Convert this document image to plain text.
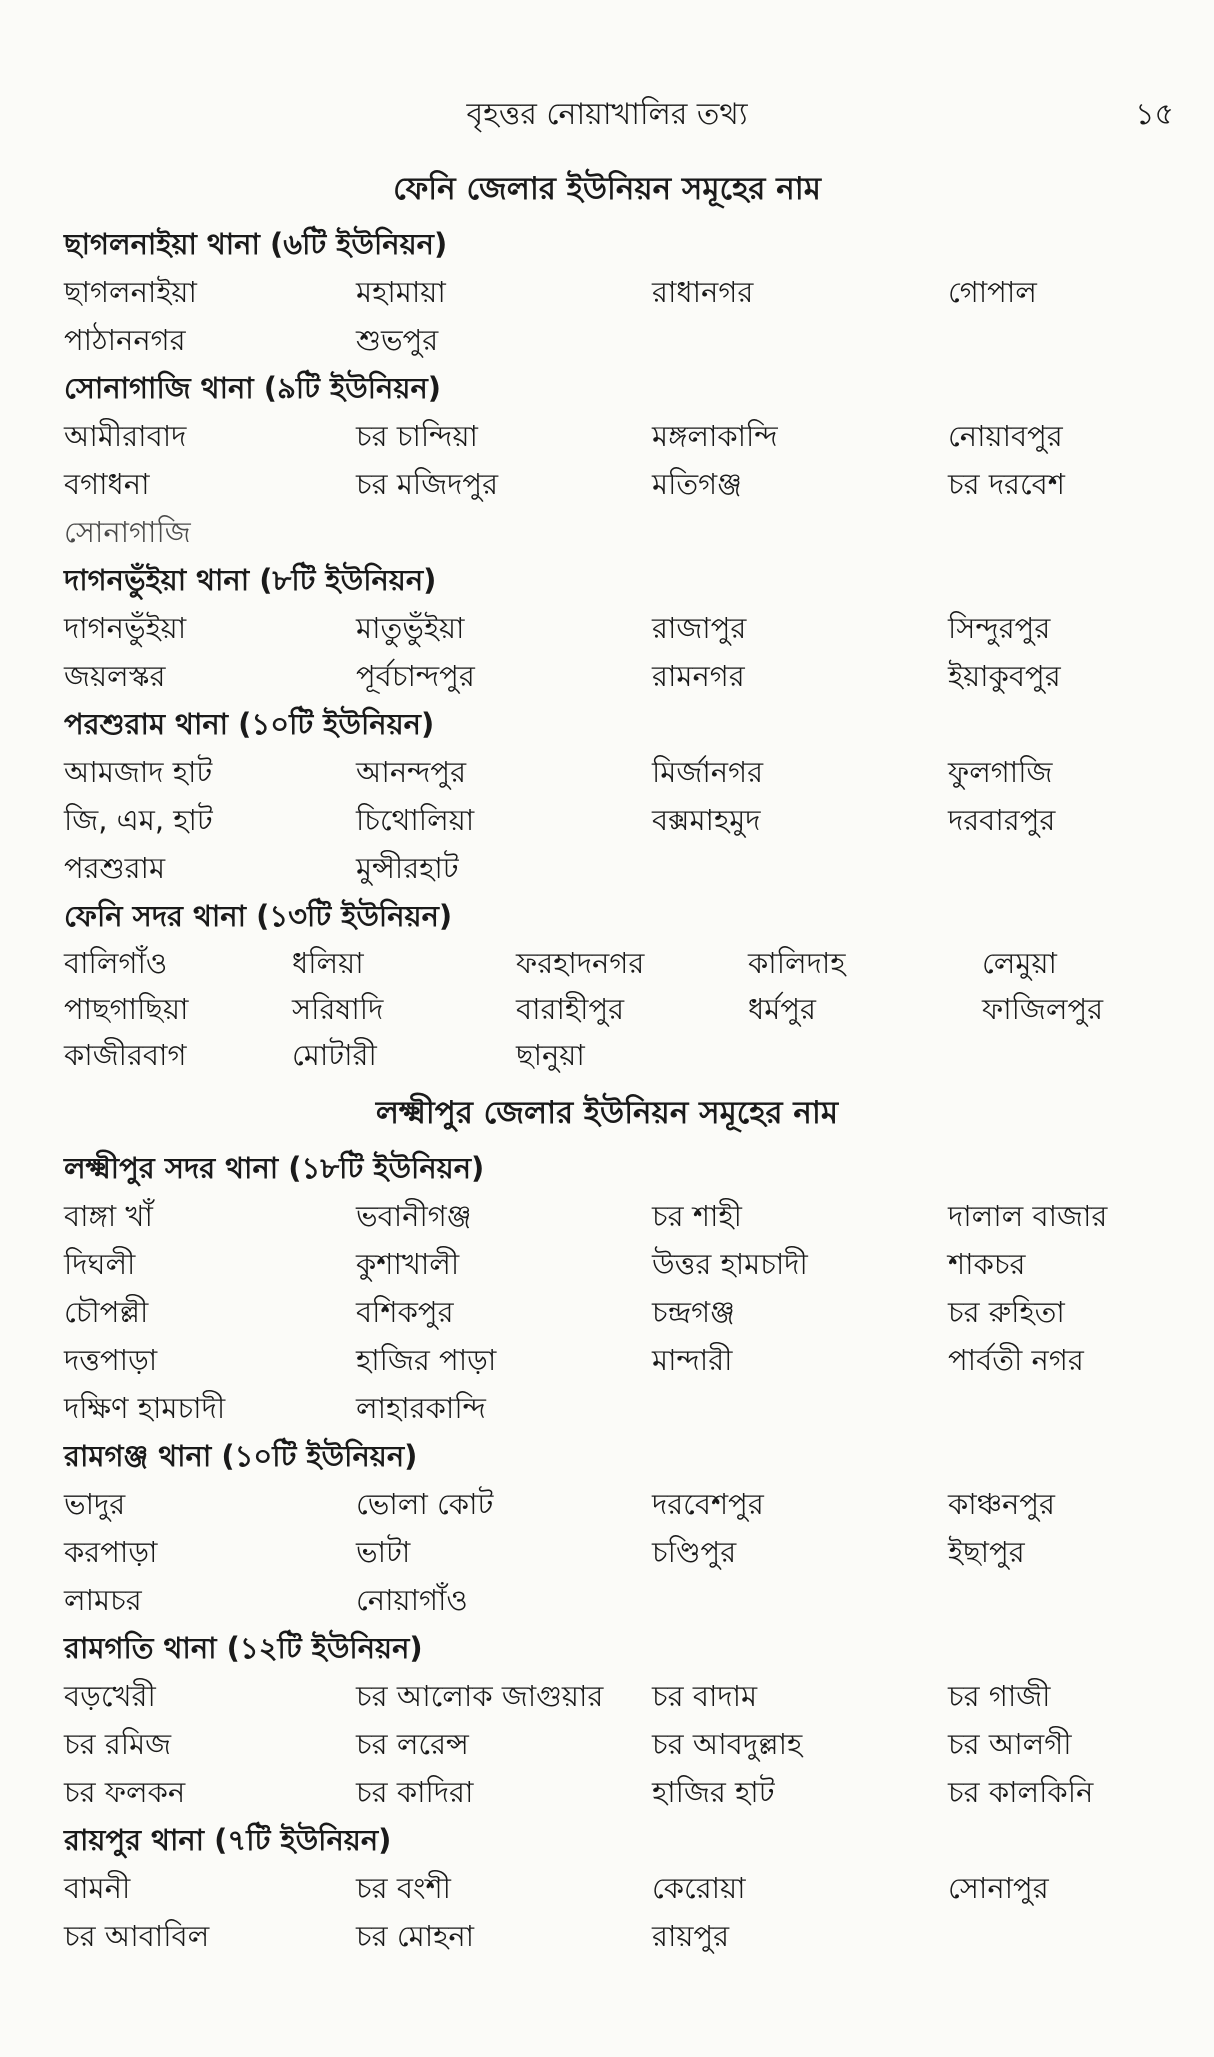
বৃহত্তর নোয়াখালির তথ্য	১৫
ফেনি জেলার ইউনিয়ন সমূহের নাম
ছাগলনাইয়া থানা (৬টি ইউনিয়ন)
ছাগলনাইয়া	মহামায়া	রাধানগর	গোপাল
পাঠাননগর	শুভপুর
সোনাগাজি থানা (৯টি ইউনিয়ন)
আমীরাবাদ	চর চান্দিয়া	মঙ্গলাকান্দি	নোয়াবপুর
বগাধনা	চর মজিদপুর	মতিগঞ্জ	চর দরবেশ
সোনাগাজি
দাগনভুঁইয়া থানা (৮টি ইউনিয়ন)
দাগনভুঁইয়া	মাতুভুঁইয়া	রাজাপুর	সিন্দুরপুর
জয়লস্কর	পূর্বচান্দপুর	রামনগর	ইয়াকুবপুর
পরশুরাম থানা (১০টি ইউনিয়ন)
আমজাদ হাট	আনন্দপুর	মির্জানগর	ফুলগাজি
জি, এম, হাট	চিথোলিয়া	বক্সমাহমুদ	দরবারপুর
পরশুরাম	মুন্সীরহাট
ফেনি সদর থানা (১৩টি ইউনিয়ন)
বালিগাঁও	ধলিয়া	ফরহাদনগর	কালিদাহ	লেমুয়া
পাছগাছিয়া	সরিষাদি	বারাহীপুর	ধর্মপুর	ফাজিলপুর
কাজীরবাগ	মোটারী	ছানুয়া
লক্ষ্মীপুর জেলার ইউনিয়ন সমূহের নাম
লক্ষ্মীপুর সদর থানা (১৮টি ইউনিয়ন)
বাঙ্গা খাঁ	ভবানীগঞ্জ	চর শাহী	দালাল বাজার
দিঘলী	কুশাখালী	উত্তর হামচাদী	শাকচর
চৌপল্লী	বশিকপুর	চন্দ্রগঞ্জ	চর রুহিতা
দত্তপাড়া	হাজির পাড়া	মান্দারী	পার্বতী নগর
দক্ষিণ হামচাদী	লাহারকান্দি
রামগঞ্জ থানা (১০টি ইউনিয়ন)
ভাদুর	ভোলা কোট	দরবেশপুর	কাঞ্চনপুর
করপাড়া	ভাটা	চণ্ডিপুর	ইছাপুর
লামচর	নোয়াগাঁও
রামগতি থানা (১২টি ইউনিয়ন)
বড়খেরী	চর আলোক জাগুয়ার	চর বাদাম	চর গাজী
চর রমিজ	চর লরেন্স	চর আবদুল্লাহ	চর আলগী
চর ফলকন	চর কাদিরা	হাজির হাট	চর কালকিনি
রায়পুর থানা (৭টি ইউনিয়ন)
বামনী	চর বংশী	কেরোয়া	সোনাপুর
চর আবাবিল	চর মোহনা	রায়পুর
